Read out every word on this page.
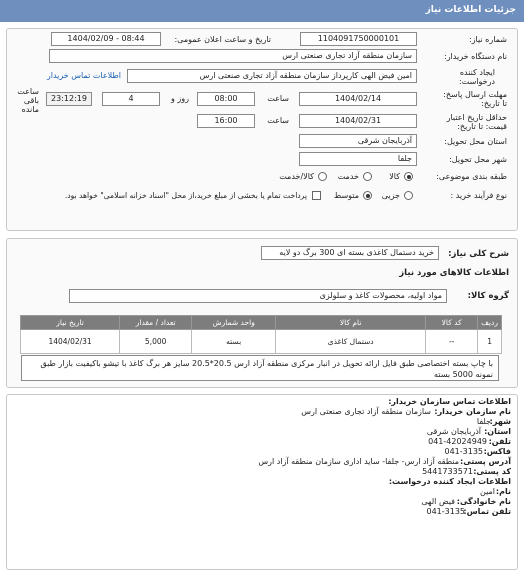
جزئیات اطلاعات نیاز
شماره نیاز:
1104091750000101
تاریخ و ساعت اعلان عمومی:
1404/02/09 - 08:44
نام دستگاه خریدار:
سازمان منطقه آزاد تجاری صنعتی ارس
ایجاد کننده
درخواست:
امین فیض الهی کارپرداز سازمان منطقه آزاد تجاری صنعتی ارس
اطلاعات تماس خریدار
مهلت ارسال پاسخ:
تا تاریخ:
1404/02/14
ساعت
08:00
روز و
4
23:12:19
ساعت باقی مانده
حداقل تاریخ اعتبار
قیمت: تا تاریخ:
1404/02/31
ساعت
16:00
استان محل تحویل:
آذربایجان شرقی
شهر محل تحویل:
جلفا
طبقه بندی موضوعی:
کالا
خدمت
کالا/خدمت
نوع فرآیند خرید :
جزیی
متوسط
پرداخت تمام یا بخشی از مبلغ خرید،از محل "اسناد خزانه اسلامی" خواهد بود.
شرح کلی نیاز:
خرید دستمال کاغذی بسته ای 300 برگ دو لایه
اطلاعات کالاهای مورد نیاز
گروه کالا:
مواد اولیه، محصولات کاغذ و سلولزی
ردیف	کد کالا	نام کالا	واحد شمارش	تعداد / مقدار	تاریخ نیاز
1	--	دستمال کاغذی	بسته	5,000	1404/02/31
با چاپ بسته اختصاصی طبق فایل ارائه تحویل در انبار مرکزی منطقه آزاد ارس 20.5*20.5 سایز هر برگ کاغذ با تیشو باکیفیت بازار طبق نمونه 5000 بسته
اطلاعات تماس سازمان خریدار:
نام سازمان خریدار:
سازمان منطقه آزاد تجاری صنعتی ارس
شهر:
جلفا
استان:
آذربایجان شرقی
تلفن:
041-42024949
فاکس:
041-3135
آدرس پستی:
منطقه آزاد ارس- جلفا- ساید اداری سازمان منطقه آزاد ارس
کد پستی:
5441733571
اطلاعات ایجاد کننده درخواست:
نام:
امین
نام خانوادگی:
فیض الهی
تلفن تماس:
041-3135
